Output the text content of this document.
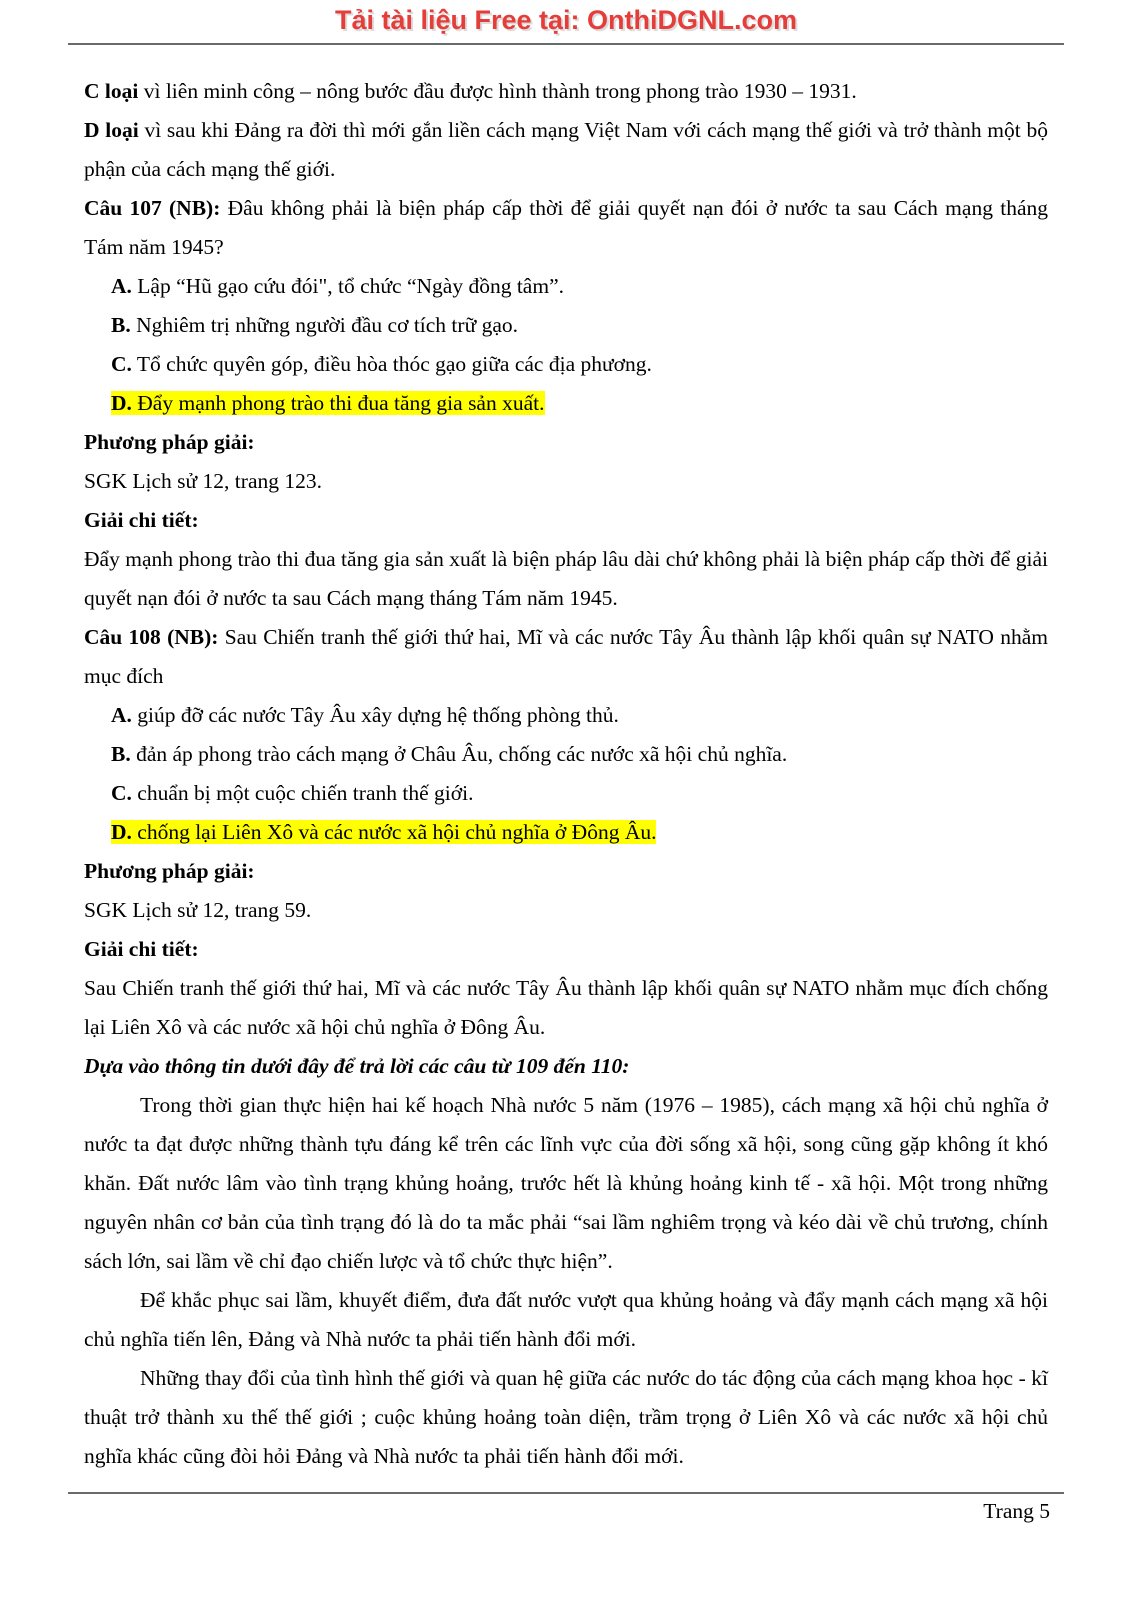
Tải tài liệu Free tại: OnthiDGNL.com

C loại vì liên minh công – nông bước đầu được hình thành trong phong trào 1930 – 1931.

D loại vì sau khi Đảng ra đời thì mới gắn liền cách mạng Việt Nam với cách mạng thế giới và trở thành một bộ phận của cách mạng thế giới.

Câu 107 (NB): Đâu không phải là biện pháp cấp thời để giải quyết nạn đói ở nước ta sau Cách mạng tháng Tám năm 1945?

A. Lập “Hũ gạo cứu đói", tổ chức “Ngày đồng tâm”.

B. Nghiêm trị những người đầu cơ tích trữ gạo.

C. Tổ chức quyên góp, điều hòa thóc gạo giữa các địa phương.

D. Đẩy mạnh phong trào thi đua tăng gia sản xuất.

Phương pháp giải:

SGK Lịch sử 12, trang 123.

Giải chi tiết:

Đẩy mạnh phong trào thi đua tăng gia sản xuất là biện pháp lâu dài chứ không phải là biện pháp cấp thời để giải quyết nạn đói ở nước ta sau Cách mạng tháng Tám năm 1945.

Câu 108 (NB): Sau Chiến tranh thế giới thứ hai, Mĩ và các nước Tây Âu thành lập khối quân sự NATO nhằm mục đích

A. giúp đỡ các nước Tây Âu xây dựng hệ thống phòng thủ.

B. đản áp phong trào cách mạng ở Châu Âu, chống các nước xã hội chủ nghĩa.

C. chuẩn bị một cuộc chiến tranh thế giới.

D. chống lại Liên Xô và các nước xã hội chủ nghĩa ở Đông Âu.

Phương pháp giải:

SGK Lịch sử 12, trang 59.

Giải chi tiết:

Sau Chiến tranh thế giới thứ hai, Mĩ và các nước Tây Âu thành lập khối quân sự NATO nhằm mục đích chống lại Liên Xô và các nước xã hội chủ nghĩa ở Đông Âu.

Dựa vào thông tin dưới đây để trả lời các câu từ 109 đến 110:

Trong thời gian thực hiện hai kế hoạch Nhà nước 5 năm (1976 – 1985), cách mạng xã hội chủ nghĩa ở nước ta đạt được những thành tựu đáng kể trên các lĩnh vực của đời sống xã hội, song cũng gặp không ít khó khăn. Đất nước lâm vào tình trạng khủng hoảng, trước hết là khủng hoảng kinh tế - xã hội. Một trong những nguyên nhân cơ bản của tình trạng đó là do ta mắc phải “sai lầm nghiêm trọng và kéo dài về chủ trương, chính sách lớn, sai lầm về chỉ đạo chiến lược và tổ chức thực hiện”.

Để khắc phục sai lầm, khuyết điểm, đưa đất nước vượt qua khủng hoảng và đẩy mạnh cách mạng xã hội chủ nghĩa tiến lên, Đảng và Nhà nước ta phải tiến hành đổi mới.

Những thay đổi của tình hình thế giới và quan hệ giữa các nước do tác động của cách mạng khoa học - kĩ thuật trở thành xu thế thế giới ; cuộc khủng hoảng toàn diện, trầm trọng ở Liên Xô và các nước xã hội chủ nghĩa khác cũng đòi hỏi Đảng và Nhà nước ta phải tiến hành đổi mới.

Trang 5
